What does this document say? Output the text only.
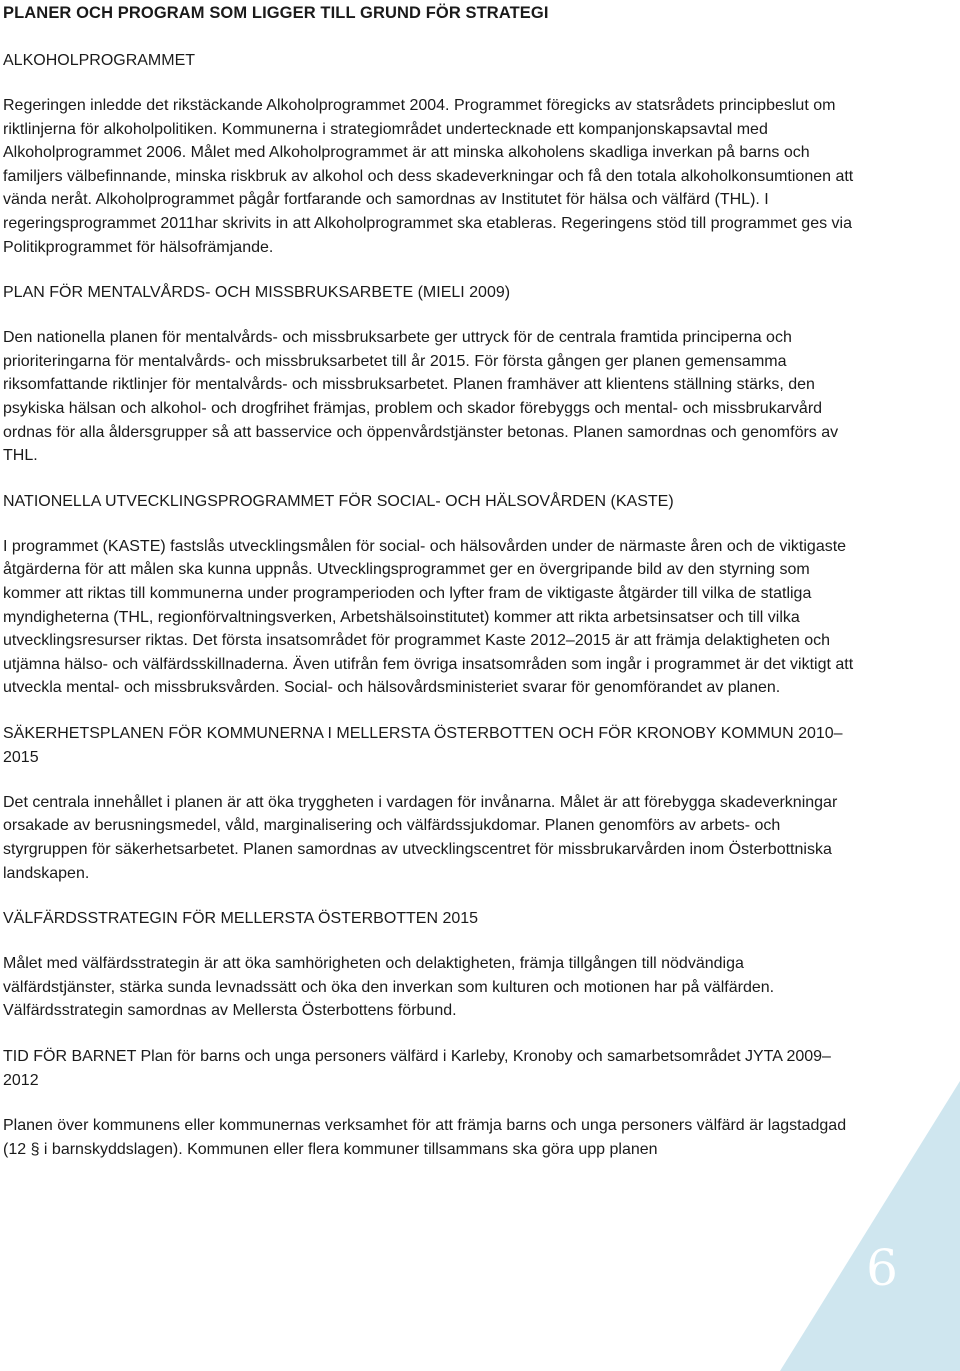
PLANER OCH PROGRAM SOM LIGGER TILL GRUND FÖR STRATEGI
ALKOHOLPROGRAMMET

Regeringen inledde det rikstäckande Alkoholprogrammet 2004. Programmet föregicks av statsrådets principbeslut om riktlinjerna för alkoholpolitiken. Kommunerna i strategiområdet undertecknade ett kompanjonskapsavtal med Alkoholprogrammet 2006. Målet med Alkoholprogrammet är att minska alkoholens skadliga inverkan på barns och familjers välbefinnande, minska riskbruk av alkohol och dess skadeverkningar och få den totala alkoholkonsumtionen att vända neråt. Alkoholprogrammet pågår fortfarande och samordnas av Institutet för hälsa och välfärd (THL). I regeringsprogrammet 2011har skrivits in att Alkoholprogrammet ska etableras. Regeringens stöd till programmet ges via Politikprogrammet för hälsofrämjande.

PLAN FÖR MENTALVÅRDS- OCH MISSBRUKSARBETE (MIELI 2009)

Den nationella planen för mentalvårds- och missbruksarbete ger uttryck för de centrala framtida principerna och prioriteringarna för mentalvårds- och missbruksarbetet till år 2015. För första gången ger planen gemensamma riksomfattande riktlinjer för mentalvårds- och missbruksarbetet. Planen framhäver att klientens ställning stärks, den psykiska hälsan och alkohol- och drogfrihet främjas, problem och skador förebyggs och mental- och missbrukarvård ordnas för alla åldersgrupper så att basservice och öppenvårdstjänster betonas. Planen samordnas och genomförs av THL.

NATIONELLA UTVECKLINGSPROGRAMMET FÖR SOCIAL- OCH HÄLSOVÅRDEN (KASTE)

I programmet (KASTE) fastslås utvecklingsmålen för social- och hälsovården under de närmaste åren och de viktigaste åtgärderna för att målen ska kunna uppnås. Utvecklingsprogrammet ger en övergripande bild av den styrning som kommer att riktas till kommunerna under programperioden och lyfter fram de viktigaste åtgärder till vilka de statliga myndigheterna (THL, regionförvaltningsverken, Arbetshälsoinstitutet) kommer att rikta arbetsinsatser och till vilka utvecklingsresurser riktas. Det första insatsområdet för programmet Kaste 2012–2015 är att främja delaktigheten och utjämna hälso- och välfärdsskillnaderna. Även utifrån fem övriga insatsområden som ingår i programmet är det viktigt att utveckla mental- och missbruksvården. Social- och hälsovårdsministeriet svarar för genomförandet av planen.

SÄKERHETSPLANEN FÖR KOMMUNERNA I MELLERSTA ÖSTERBOTTEN OCH FÖR KRONOBY KOMMUN 2010–2015

Det centrala innehållet i planen är att öka tryggheten i vardagen för invånarna. Målet är att förebygga skadeverkningar orsakade av berusningsmedel, våld, marginalisering och välfärdssjukdomar. Planen genomförs av arbets- och styrgruppen för säkerhetsarbetet. Planen samordnas av utvecklingscentret för missbrukarvården inom Österbottniska landskapen.

VÄLFÄRDSSTRATEGIN FÖR MELLERSTA ÖSTERBOTTEN 2015

Målet med välfärdsstrategin är att öka samhörigheten och delaktigheten, främja tillgången till nödvändiga välfärdstjänster, stärka sunda levnadssätt och öka den inverkan som kulturen och motionen har på välfärden. Välfärdsstrategin samordnas av Mellersta Österbottens förbund.

TID FÖR BARNET Plan för barns och unga personers välfärd i Karleby, Kronoby och samarbetsområdet JYTA 2009–2012

Planen över kommunens eller kommunernas verksamhet för att främja barns och unga personers välfärd är lagstadgad (12 § i barnskyddslagen). Kommunen eller flera kommuner tillsammans ska göra upp planen

6
